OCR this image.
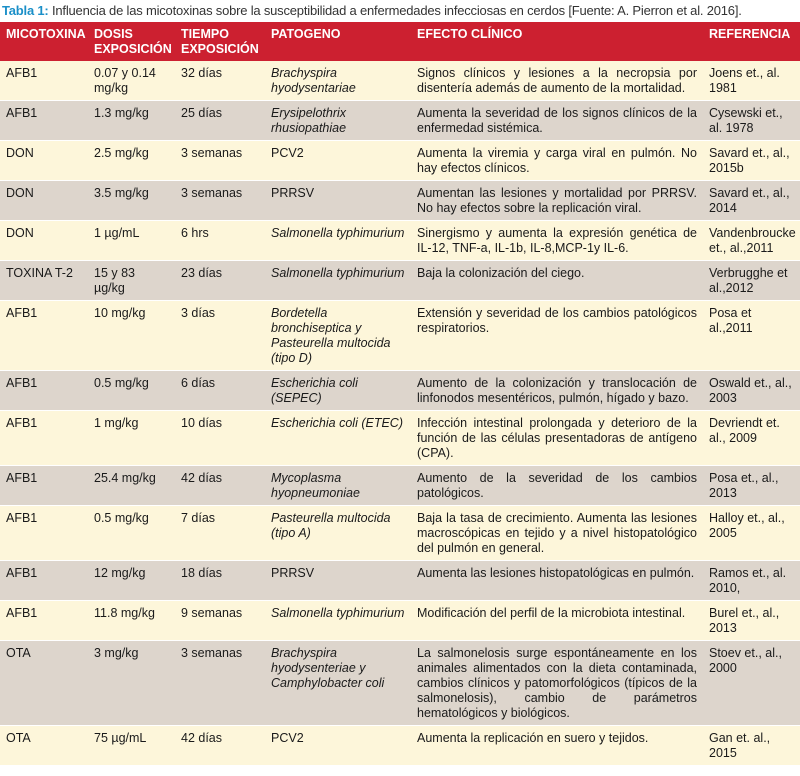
Tabla 1: Influencia de las micotoxinas sobre la susceptibilidad a enfermedades infecciosas en cerdos [Fuente: A. Pierron et al. 2016].
MICOTOXINA	DOSIS EXPOSICIÓN	TIEMPO EXPOSICIÓN	PATOGENO	EFECTO CLÍNICO	REFERENCIA
AFB1	0.07 y 0.14 mg/kg	32 días	Brachyspira hyodysentariae	Signos clínicos y lesiones a la necropsia por disentería además de aumento de la mortalidad.	Joens et., al. 1981
AFB1	1.3 mg/kg	25 días	Erysipelothrix rhusiopathiae	Aumenta la severidad de los signos clínicos de la enfermedad sistémica.	Cysewski et., al. 1978
DON	2.5 mg/kg	3 semanas	PCV2	Aumenta la viremia y carga viral en pulmón. No hay efectos clínicos.	Savard et., al., 2015b
DON	3.5 mg/kg	3 semanas	PRRSV	Aumentan las lesiones y mortalidad por PRRSV. No hay efectos sobre la replicación viral.	Savard et., al., 2014
DON	1 µg/mL	6 hrs	Salmonella typhimurium	Sinergismo y aumenta la expresión genética de IL-12, TNF-a, IL-1b, IL-8,MCP-1y IL-6.	Vandenbroucke et., al.,2011
TOXINA T-2	15 y 83 µg/kg	23 días	Salmonella typhimurium	Baja la colonización del ciego.	Verbrugghe et al.,2012
AFB1	10 mg/kg	3 días	Bordetella bronchiseptica y Pasteurella multocida (tipo D)	Extensión y severidad de los cambios patológicos respiratorios.	Posa et al.,2011
AFB1	0.5 mg/kg	6 días	Escherichia coli (SEPEC)	Aumento de la colonización y translocación de linfonodos mesentéricos, pulmón, hígado y bazo.	Oswald et., al., 2003
AFB1	1 mg/kg	10 días	Escherichia coli (ETEC)	Infección intestinal prolongada y deterioro de la función de las células presentadoras de antígeno (CPA).	Devriendt et. al., 2009
AFB1	25.4 mg/kg	42 días	Mycoplasma hyopneumoniae	Aumento de la severidad de los cambios patológicos.	Posa et., al., 2013
AFB1	0.5 mg/kg	7 días	Pasteurella multocida (tipo A)	Baja la tasa de crecimiento. Aumenta las lesiones macroscópicas en tejido y a nivel histopatológico del pulmón en general.	Halloy et., al., 2005
AFB1	12 mg/kg	18 días	PRRSV	Aumenta las lesiones histopatológicas en pulmón.	Ramos et., al. 2010,
AFB1	11.8 mg/kg	9 semanas	Salmonella typhimurium	Modificación del perfil de la microbiota intestinal.	Burel et., al., 2013
OTA	3 mg/kg	3 semanas	Brachyspira hyodysenteriae y Camphylobacter coli	La salmonelosis surge espontáneamente en los animales alimentados con la dieta contaminada, cambios clínicos y patomorfológicos (típicos de la salmonelosis), cambio de parámetros hematológicos y biológicos.	Stoev et., al., 2000
OTA	75 µg/mL	42 días	PCV2	Aumenta la replicación en suero y tejidos.	Gan et. al., 2015
